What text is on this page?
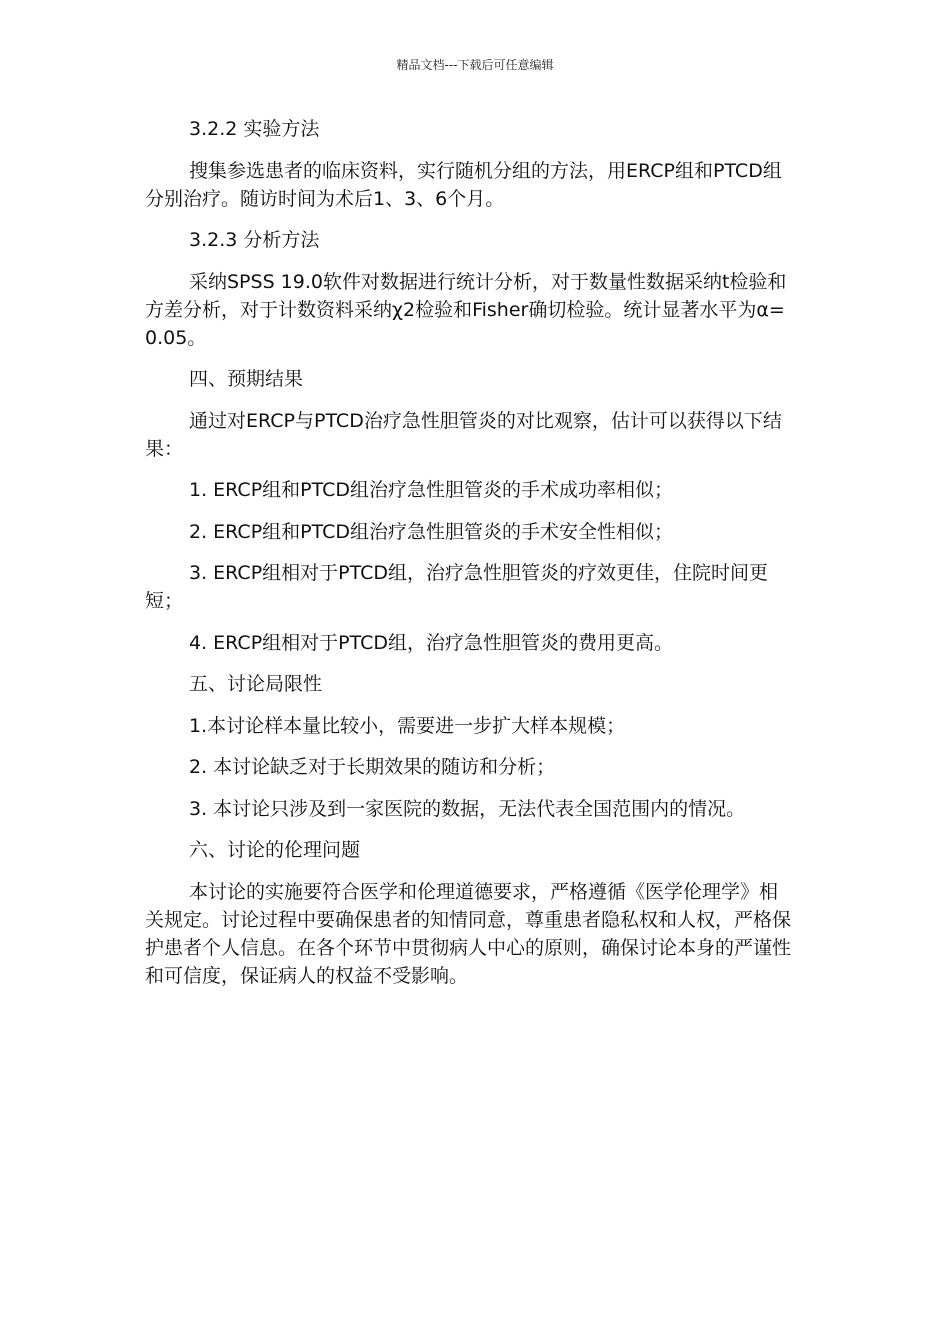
精品文档---下载后可任意编辑

3.2.2 实验方法

搜集参选患者的临床资料，实行随机分组的方法，用ERCP组和PTCD组分别治疗。随访时间为术后1、3、6个月。

3.2.3 分析方法

采纳SPSS 19.0软件对数据进行统计分析，对于数量性数据采纳t检验和方差分析，对于计数资料采纳χ2检验和Fisher确切检验。统计显著水平为α=0.05。

四、预期结果

通过对ERCP与PTCD治疗急性胆管炎的对比观察，估计可以获得以下结果：

1. ERCP组和PTCD组治疗急性胆管炎的手术成功率相似；

2. ERCP组和PTCD组治疗急性胆管炎的手术安全性相似；

3. ERCP组相对于PTCD组，治疗急性胆管炎的疗效更佳，住院时间更短；

4. ERCP组相对于PTCD组，治疗急性胆管炎的费用更高。

五、讨论局限性

1.本讨论样本量比较小，需要进一步扩大样本规模；

2. 本讨论缺乏对于长期效果的随访和分析；

3. 本讨论只涉及到一家医院的数据，无法代表全国范围内的情况。

六、讨论的伦理问题

本讨论的实施要符合医学和伦理道德要求，严格遵循《医学伦理学》相关规定。讨论过程中要确保患者的知情同意，尊重患者隐私权和人权，严格保护患者个人信息。在各个环节中贯彻病人中心的原则，确保讨论本身的严谨性和可信度，保证病人的权益不受影响。
